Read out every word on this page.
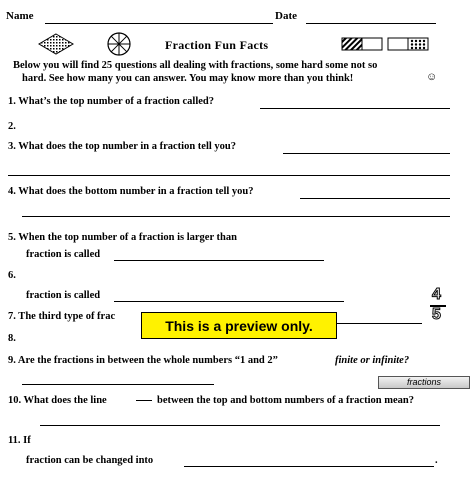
Name	Date
Fraction Fun Facts
Below you will find 25 questions all dealing with fractions, some hard some not so
hard. See how many you can answer. You may know more than you think!	☺
1. What’s the top number of a fraction called?
2.
3. What does the top number in a fraction tell you?
4. What does the bottom number in a fraction tell you?
5. When the top number of a fraction is larger than
fraction is called
6.
fraction is called	4
5
7. The third type of frac
8.
9. Are the fractions in between the whole numbers “1 and 2”	finite or infinite?
fractions
10. What does the line	between the top and bottom numbers of a fraction mean?
11. If
fraction can be changed into	.
This is a preview only.
